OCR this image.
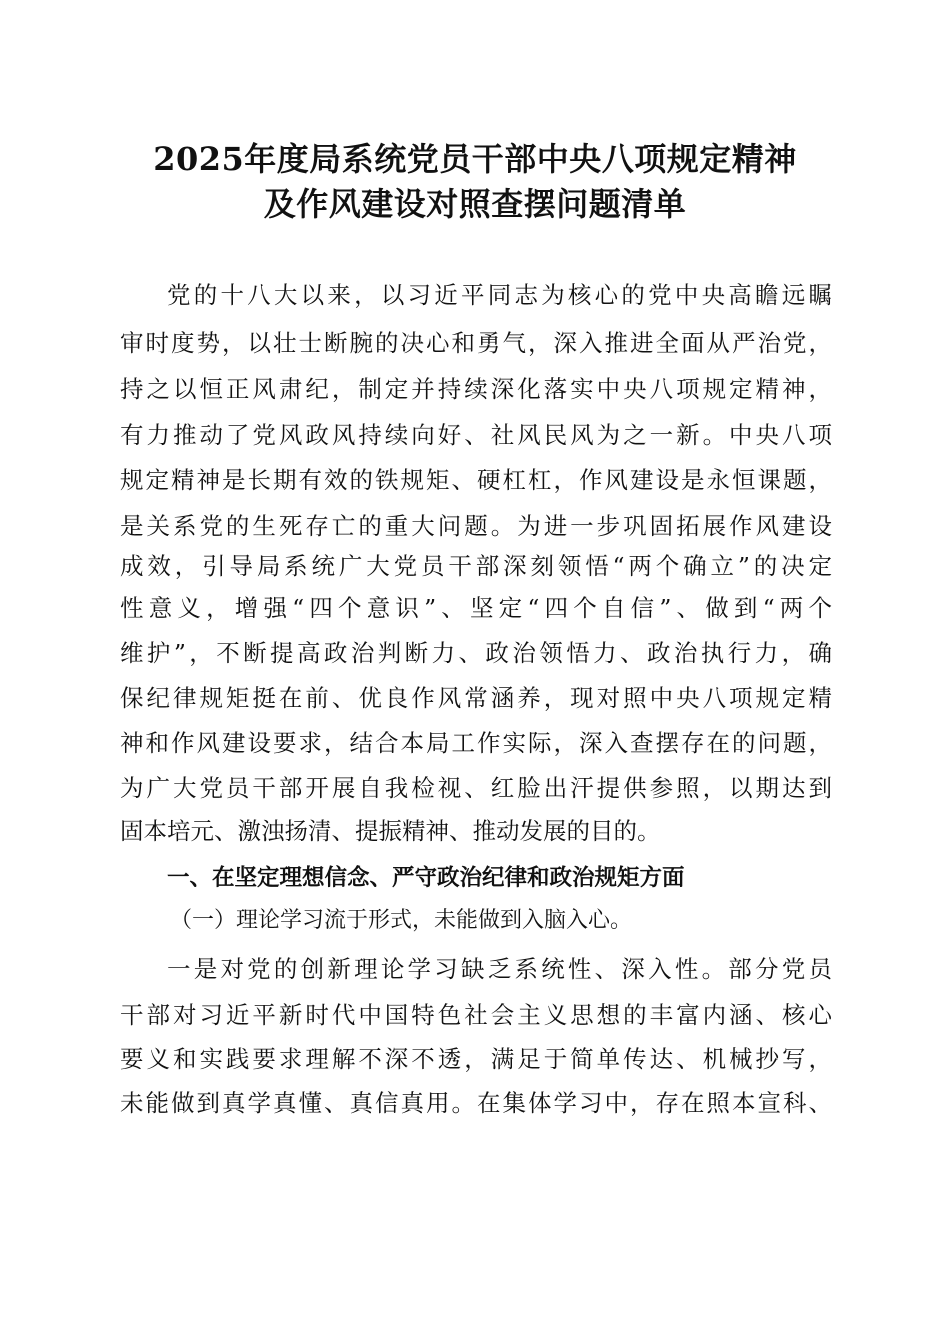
2025年度局系统党员干部中央八项规定精神
及作风建设对照查摆问题清单
党的十八大以来，以习近平同志为核心的党中央高瞻远瞩
审时度势，以壮士断腕的决心和勇气，深入推进全面从严治党，
持之以恒正风肃纪，制定并持续深化落实中央八项规定精神，
有力推动了党风政风持续向好、社风民风为之一新。中央八项
规定精神是长期有效的铁规矩、硬杠杠，作风建设是永恒课题，
是关系党的生死存亡的重大问题。为进一步巩固拓展作风建设
成效，引导局系统广大党员干部深刻领悟“两个确立”的决定
性意义，增强“四个意识”、坚定“四个自信”、做到“两个
维护”，不断提高政治判断力、政治领悟力、政治执行力，确
保纪律规矩挺在前、优良作风常涵养，现对照中央八项规定精
神和作风建设要求，结合本局工作实际，深入查摆存在的问题，
为广大党员干部开展自我检视、红脸出汗提供参照，以期达到
固本培元、激浊扬清、提振精神、推动发展的目的。
一、在坚定理想信念、严守政治纪律和政治规矩方面
（一）理论学习流于形式，未能做到入脑入心。
一是对党的创新理论学习缺乏系统性、深入性。部分党员
干部对习近平新时代中国特色社会主义思想的丰富内涵、核心
要义和实践要求理解不深不透，满足于简单传达、机械抄写，
未能做到真学真懂、真信真用。在集体学习中，存在照本宣科、
